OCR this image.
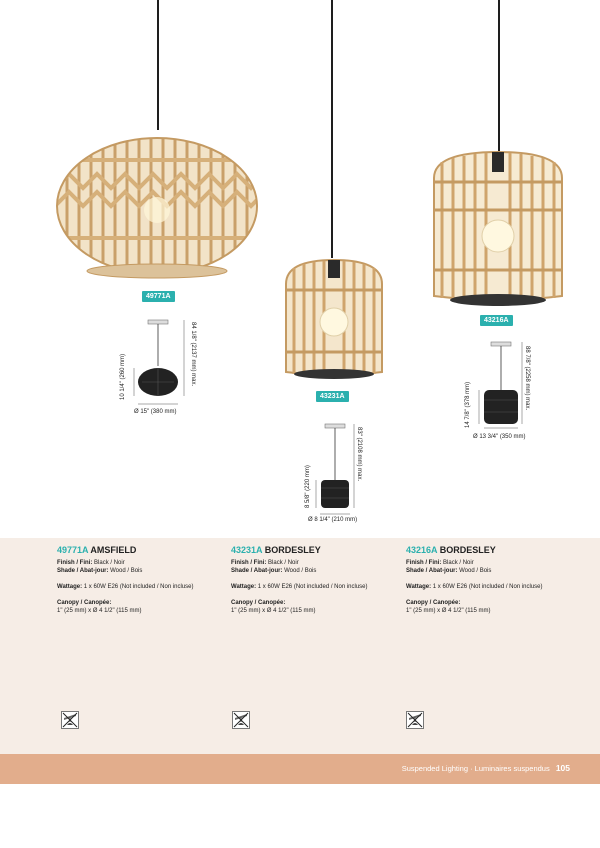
49771A
84 1/8" (2137 mm) max.
10 1/4" (260 mm)
Ø 15" (380 mm)
43231A
83" (2108 mm) max.
8 5/8" (220 mm)
Ø 8 1/4" (210 mm)
43216A
88 7/8" (2258 mm) max.
14 7/8" (378 mm)
Ø 13 3/4" (350 mm)
49771A AMSFIELD
Finish / Fini: Black / Noir
Shade / Abat-jour: Wood / Bois
Wattage: 1 x 60W E26 (Not included / Non incluse)
Canopy / Canopée:
1" (25 mm) x Ø 4 1/2" (115 mm)
43231A BORDESLEY
Finish / Fini: Black / Noir
Shade / Abat-jour: Wood / Bois
Wattage: 1 x 60W E26 (Not included / Non incluse)
Canopy / Canopée:
1" (25 mm) x Ø 4 1/2" (115 mm)
43216A BORDESLEY
Finish / Fini: Black / Noir
Shade / Abat-jour: Wood / Bois
Wattage: 1 x 60W E26 (Not included / Non incluse)
Canopy / Canopée:
1" (25 mm) x Ø 4 1/2" (115 mm)
Suspended Lighting · Luminaires suspendus 105
